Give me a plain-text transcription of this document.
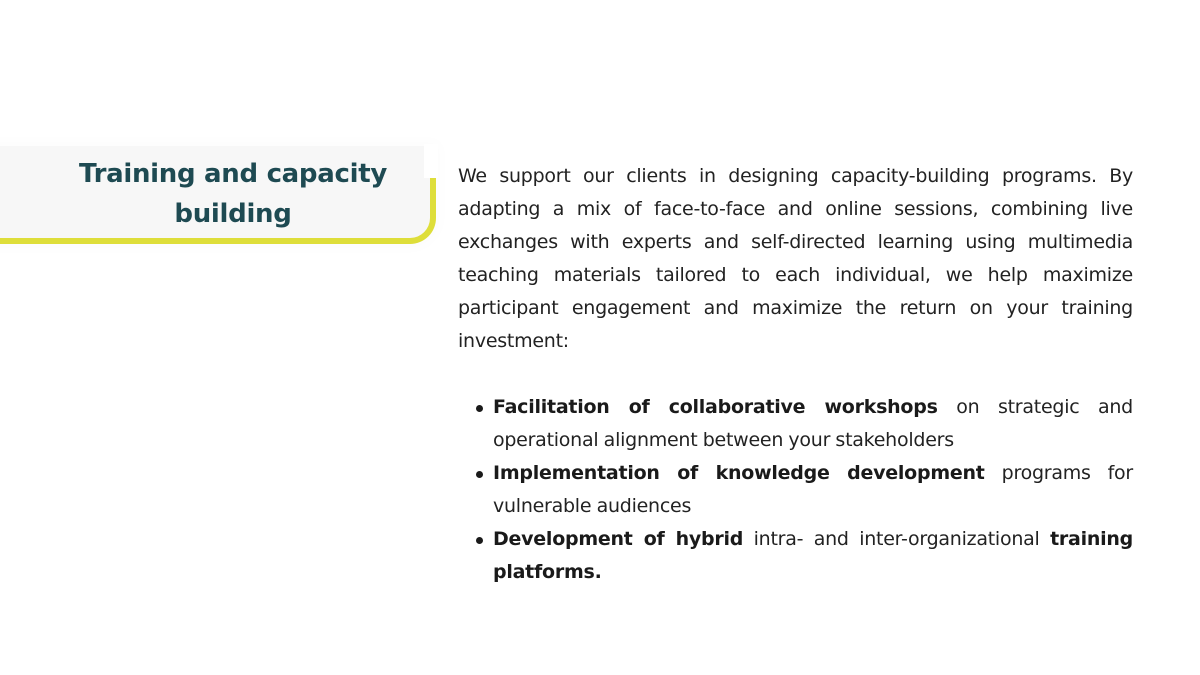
Training and capacity building

We support our clients in designing capacity-building programs. By adapting a mix of face-to-face and online sessions, combining live exchanges with experts and self-directed learning using multimedia teaching materials tailored to each individual, we help maximize participant engagement and maximize the return on your training investment:

Facilitation of collaborative workshops on strategic and operational alignment between your stakeholders
Implementation of knowledge development programs for vulnerable audiences
Development of hybrid intra- and inter-organizational training platforms.
